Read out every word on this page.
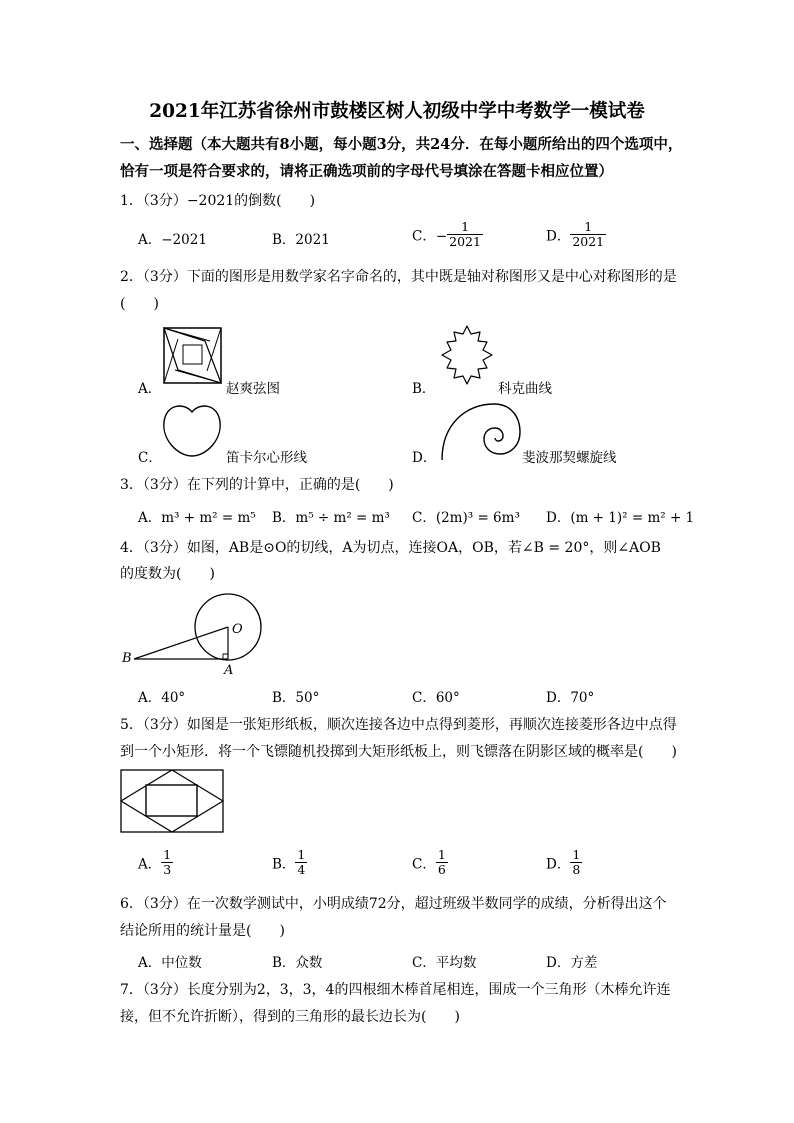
2021年江苏省徐州市鼓楼区树人初级中学中考数学一模试卷
一、选择题（本大题共有8小题，每小题3分，共24分．在每小题所给出的四个选项中，
恰有一项是符合要求的，请将正确选项前的字母代号填涂在答题卡相应位置）
1．（3分）−2021的倒数(　　)
A．−2021	B．2021	C．− $\frac{1}{2021}$	D． $\frac{1}{2021}$
2．（3分）下面的图形是用数学家名字命名的，其中既是轴对称图形又是中心对称图形的是
(　　)
A．	赵爽弦图	B．	科克曲线
C．	笛卡尔心形线	D．	斐波那契螺旋线
3．（3分）在下列的计算中，正确的是(　　)
A．m³ + m² = m⁵ B．m⁵ ÷ m² = m³ C．(2m)³ = 6m³ D．(m + 1)² = m² + 1
4．（3分）如图，AB是⊙O的切线，A为切点，连接OA，OB，若∠B = 20°，则∠AOB
的度数为(　　)
O
B
A
A．40°	B．50°	C．60°	D．70°
5．（3分）如图是一张矩形纸板，顺次连接各边中点得到菱形，再顺次连接菱形各边中点得
到一个小矩形．将一个飞镖随机投掷到大矩形纸板上，则飞镖落在阴影区域的概率是(　　)
A． $\frac{1}{3}$	B． $\frac{1}{4}$	C． $\frac{1}{6}$	D． $\frac{1}{8}$
6．（3分）在一次数学测试中，小明成绩72分，超过班级半数同学的成绩，分析得出这个
结论所用的统计量是(　　)
A．中位数	B．众数	C．平均数	D．方差
7．（3分）长度分别为2，3，3，4的四根细木棒首尾相连，围成一个三角形（木棒允许连
接，但不允许折断），得到的三角形的最长边长为(　　)
